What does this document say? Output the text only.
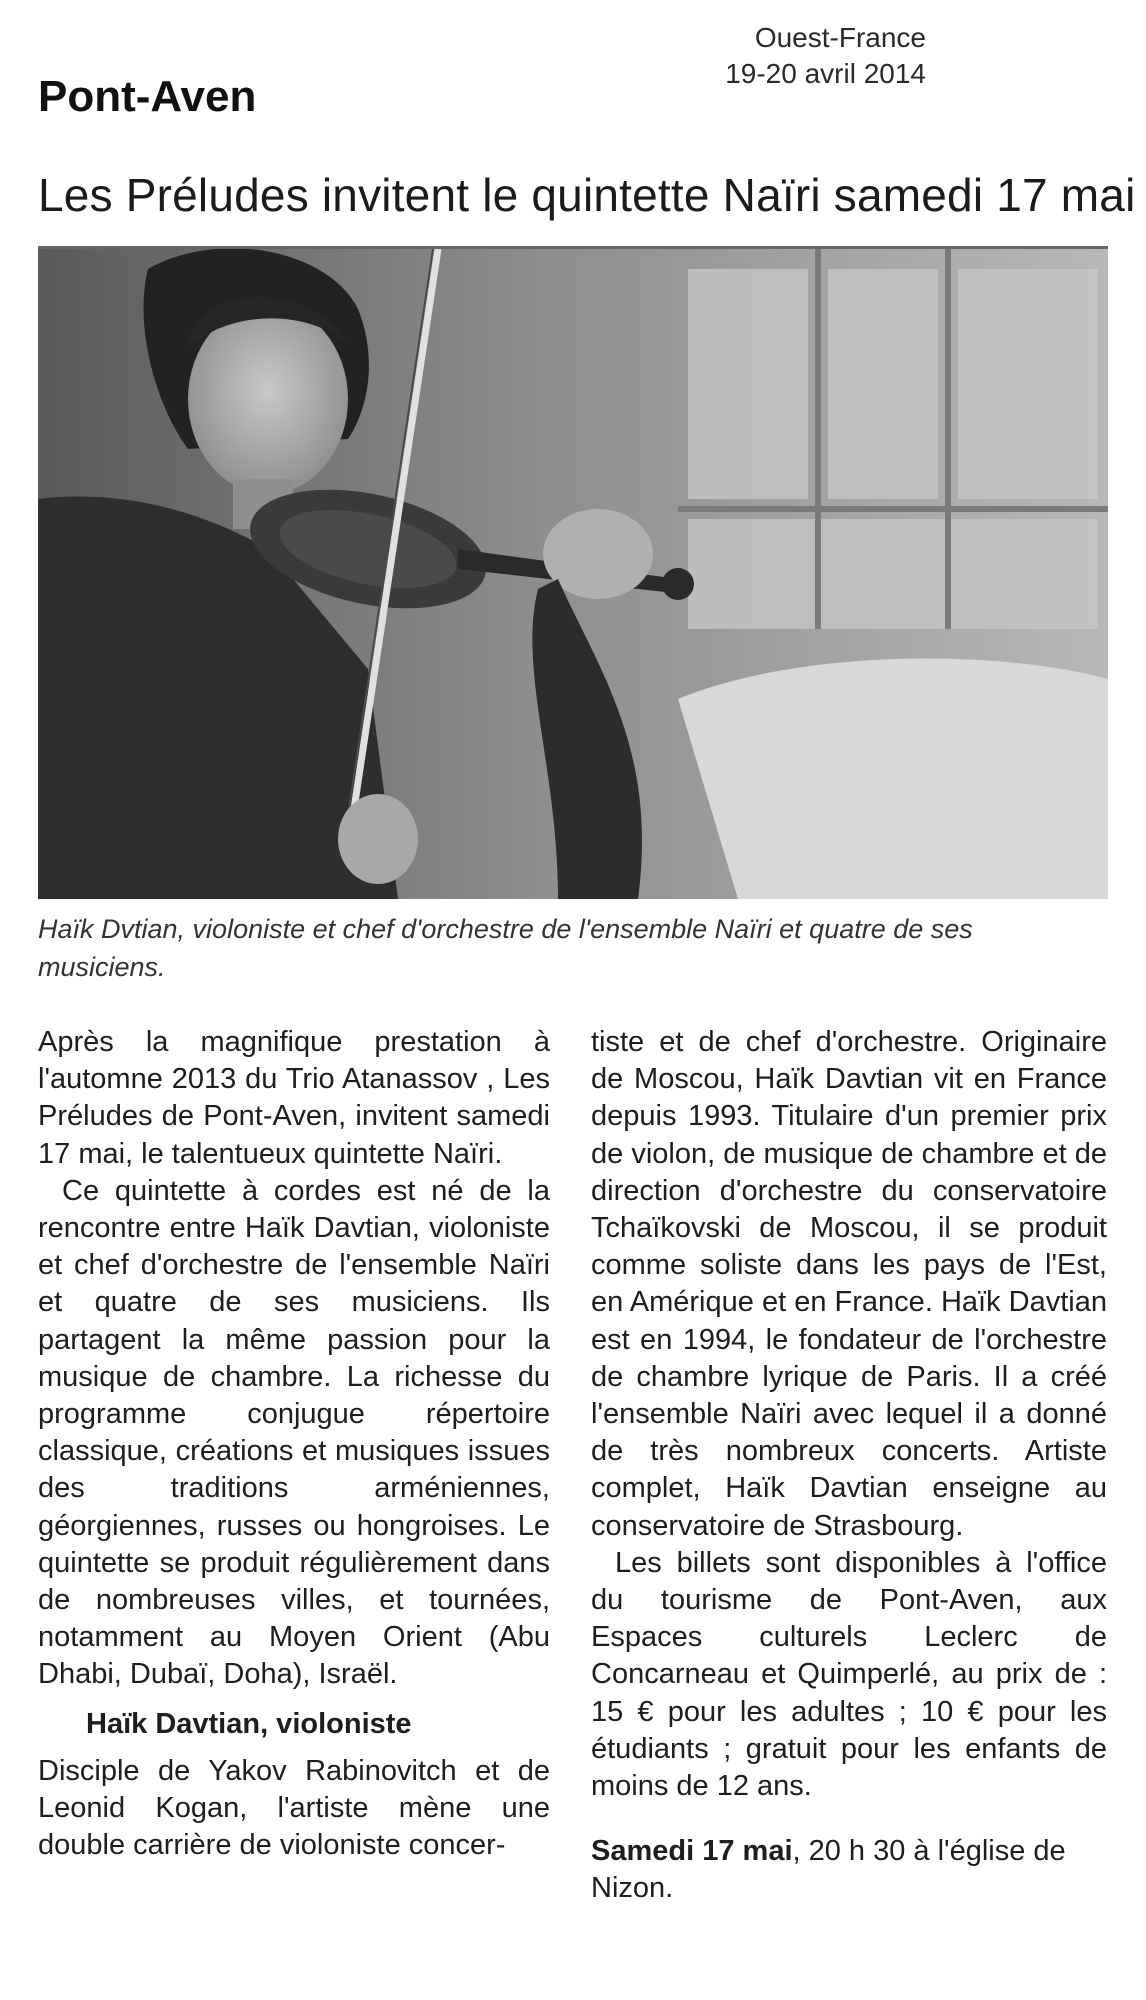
Ouest-France
19-20 avril 2014
Pont-Aven
Les Préludes invitent le quintette Naïri samedi 17 mai
Haïk Dvtian, violoniste et chef d'orchestre de l'ensemble Naïri et quatre de ses musiciens.

Après la magnifique prestation à l'automne 2013 du Trio Atanassov , Les Préludes de Pont-Aven, invitent samedi 17 mai, le talentueux quintette Naïri.

Ce quintette à cordes est né de la rencontre entre Haïk Davtian, violoniste et chef d'orchestre de l'ensemble Naïri et quatre de ses musiciens. Ils partagent la même passion pour la musique de chambre. La richesse du programme conjugue répertoire classique, créations et musiques issues des traditions arméniennes, géorgiennes, russes ou hongroises. Le quintette se produit régulièrement dans de nombreuses villes, et tournées, notamment au Moyen Orient (Abu Dhabi, Dubaï, Doha), Israël.

Haïk Davtian, violoniste

Disciple de Yakov Rabinovitch et de Leonid Kogan, l'artiste mène une double carrière de violoniste concer-

tiste et de chef d'orchestre. Originaire de Moscou, Haïk Davtian vit en France depuis 1993. Titulaire d'un premier prix de violon, de musique de chambre et de direction d'orchestre du conservatoire Tchaïkovski de Moscou, il se produit comme soliste dans les pays de l'Est, en Amérique et en France. Haïk Davtian est en 1994, le fondateur de l'orchestre de chambre lyrique de Paris. Il a créé l'ensemble Naïri avec lequel il a donné de très nombreux concerts. Artiste complet, Haïk Davtian enseigne au conservatoire de Strasbourg.

Les billets sont disponibles à l'office du tourisme de Pont-Aven, aux Espaces culturels Leclerc de Concarneau et Quimperlé, au prix de : 15 € pour les adultes ; 10 € pour les étudiants ; gratuit pour les enfants de moins de 12 ans.

Samedi 17 mai, 20 h 30 à l'église de Nizon.
